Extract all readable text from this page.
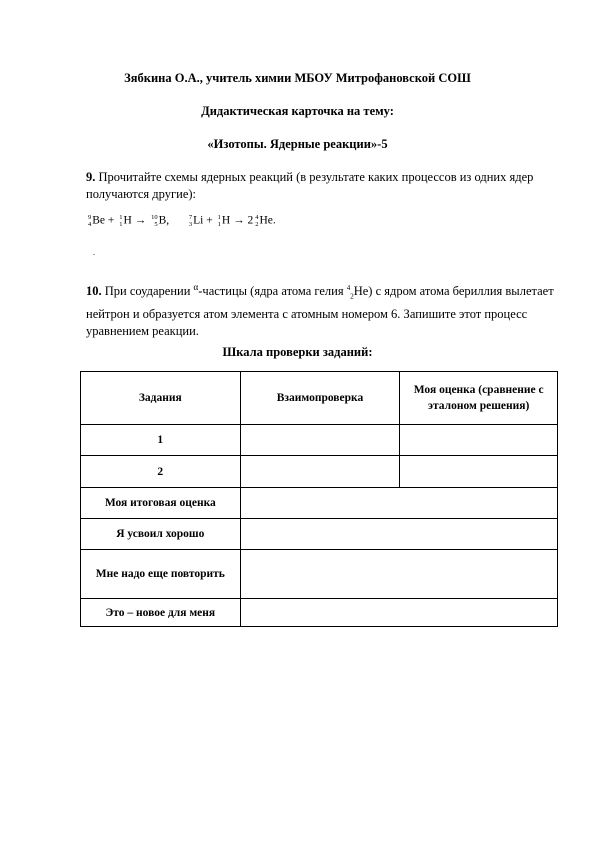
Зябкина О.А., учитель химии МБОУ Митрофановской СОШ
Дидактическая карточка на тему:
«Изотопы. Ядерные реакции»-5
9. Прочитайте схемы ядерных реакций (в результате каких процессов из одних ядер получаются другие):
9
4 Be + 1
1 H → 10
5 B,	7
3 Li + 1
1 H → 2 4
2 He.
.
10. При соударении $^\alpha$-частицы (ядра атома гелия $^4_2$He) с ядром атома бериллия вылетает нейтрон и образуется атом элемента с атомным номером 6. Запишите этот процесс уравнением реакции.
Шкала проверки заданий:
Задания	Взаимопроверка	Моя оценка (сравнение с эталоном решения)
1		
2		
Моя итоговая оценка		
Я усвоил хорошо		
Мне надо еще повторить		
Это – новое для меня		
